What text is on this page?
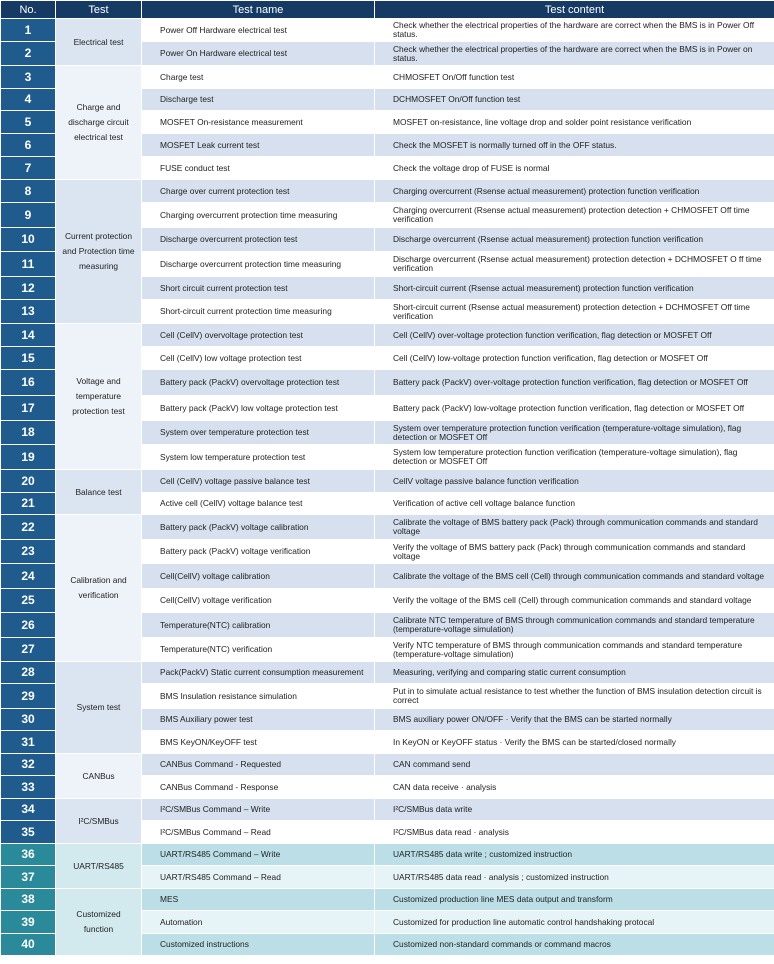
No.	Test	Test name	Test content
1	Electrical test	Power Off Hardware electrical test	Check whether the electrical properties of the hardware are correct when the BMS is in Power Off status.
2		Power On Hardware electrical test	Check whether the electrical properties of the hardware are correct when the BMS is in Power on status.
3	Charge and discharge circuit electrical test	Charge test	CHMOSFET On/Off function test
4		Discharge test	DCHMOSFET On/Off function test
5		MOSFET On-resistance measurement	MOSFET on-resistance, line voltage drop and solder point resistance verification
6		MOSFET Leak current test	Check the MOSFET is normally turned off in the OFF status.
7		FUSE conduct test	Check the voltage drop of FUSE is normal
8	Current protection and Protection time measuring	Charge over current protection test	Charging overcurrent (Rsense actual measurement) protection function verification
9		Charging overcurrent protection time measuring	Charging overcurrent (Rsense actual measurement) protection detection + CHMOSFET Off time verification
10		Discharge overcurrent protection test	Discharge overcurrent (Rsense actual measurement) protection function verification
11		Discharge overcurrent protection time measuring	Discharge overcurrent (Rsense actual measurement) protection detection + DCHMOSFET O ff time verification
12		Short circuit current protection test	Short-circuit current (Rsense actual measurement) protection function verification
13		Short-circuit current protection time measuring	Short-circuit current (Rsense actual measurement) protection detection + DCHMOSFET Off time verification
14	Voltage and temperature protection test	Cell (CellV) overvoltage protection test	Cell (CellV) over-voltage protection function verification, flag detection or MOSFET Off
15		Cell (CellV) low voltage protection test	Cell (CellV) low-voltage protection function verification, flag detection or MOSFET Off
16		Battery pack (PackV) overvoltage protection test	Battery pack (PackV) over-voltage protection function verification, flag detection or MOSFET Off
17		Battery pack (PackV) low voltage protection test	Battery pack (PackV) low-voltage protection function verification, flag detection or MOSFET Off
18		System over temperature protection test	System over temperature protection function verification (temperature-voltage simulation), flag detection or MOSFET Off
19		System low temperature protection test	System low temperature protection function verification (temperature-voltage simulation), flag detection or MOSFET Off
20	Balance test	Cell (CellV) voltage passive balance test	CellV voltage passive balance function verification
21		Active cell (CellV) voltage balance test	Verification of active cell voltage balance function
22	Calibration and verification	Battery pack (PackV) voltage calibration	Calibrate the voltage of BMS battery pack (Pack) through communication commands and standard voltage
23		Battery pack (PackV) voltage verification	Verify the voltage of BMS battery pack (Pack) through communication commands and standard voltage
24		Cell(CellV) voltage calibration	Calibrate the voltage of the BMS cell (Cell) through communication commands and standard voltage
25		Cell(CellV) voltage verification	Verify the voltage of the BMS cell (Cell) through communication commands and standard voltage
26		Temperature(NTC) calibration	Calibrate NTC temperature of BMS through communication commands and standard temperature (temperature-voltage simulation)
27		Temperature(NTC) verification	Verify NTC temperature of BMS through communication commands and standard temperature (temperature-voltage simulation)
28	System test	Pack(PackV) Static current consumption measurement	Measuring, verifying and comparing static current consumption
29		BMS Insulation resistance simulation	Put in to simulate actual resistance to test whether the function of BMS insulation detection circuit is correct
30		BMS Auxiliary power test	BMS auxiliary power ON/OFF · Verify that the BMS can be started normally
31		BMS KeyON/KeyOFF test	In KeyON or KeyOFF status · Verify the BMS can be started/closed normally
32	CANBus	CANBus Command - Requested	CAN command send
33		CANBus Command - Response	CAN data receive · analysis
34	I²C/SMBus	I²C/SMBus Command – Write	I²C/SMBus data write
35		I²C/SMBus Command – Read	I²C/SMBus data read · analysis
36	UART/RS485	UART/RS485 Command – Write	UART/RS485 data write ; customized instruction
37		UART/RS485 Command – Read	UART/RS485 data read · analysis ; customized instruction
38	Customized function	MES	Customized production line MES data output and transform
39		Automation	Customized for production line automatic control handshaking protocal
40		Customized instructions	Customized non-standard commands or command macros
